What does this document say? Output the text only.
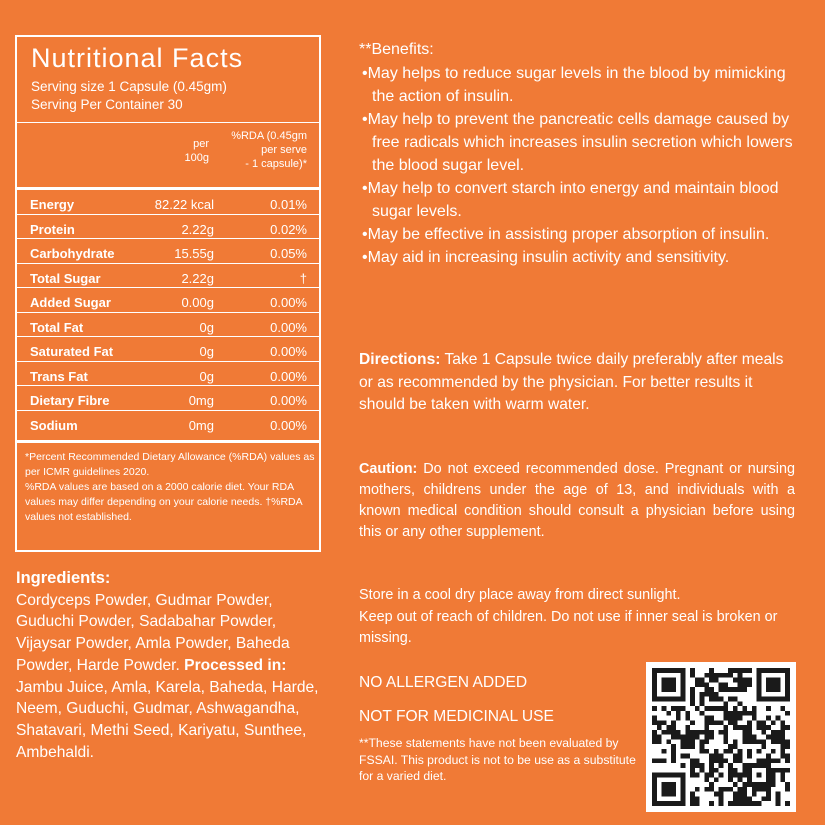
Nutritional Facts
Serving size 1 Capsule (0.45gm)
Serving Per Container 30
per
100g
%RDA (0.45gm
per serve
- 1 capsule)*
Energy	82.22 kcal	0.01%
Protein	2.22g	0.02%
Carbohydrate	15.55g	0.05%
Total Sugar	2.22g	†
Added Sugar	0.00g	0.00%
Total Fat	0g	0.00%
Saturated Fat	0g	0.00%
Trans Fat	0g	0.00%
Dietary Fibre	0mg	0.00%
Sodium	0mg	0.00%

*Percent Recommended Dietary Allowance (%RDA) values as per ICMR guidelines 2020.

%RDA values are based on a 2000 calorie diet. Your RDA values may differ depending on your calorie needs. †%RDA values not established.

Ingredients:
Cordyceps Powder, Gudmar Powder, Guduchi Powder, Sadabahar Powder, Vijaysar Powder, Amla Powder, Baheda Powder, Harde Powder. Processed in: Jambu Juice, Amla, Karela, Baheda, Harde, Neem, Guduchi, Gudmar, Ashwagandha, Shatavari, Methi Seed, Kariyatu, Sunthee, Ambehaldi.
**Benefits:
•May helps to reduce sugar levels in the blood by mimicking the action of insulin.
•May help to prevent the pancreatic cells damage caused by free radicals which increases insulin secretion which lowers the blood sugar level.
•May help to convert starch into energy and maintain blood sugar levels.
•May be effective in assisting proper absorption of insulin.
•May aid in increasing insulin activity and sensitivity.
Directions: Take 1 Capsule twice daily preferably after meals or as recommended by the physician. For better results it should be taken with warm water.
Caution: Do not exceed recommended dose. Pregnant or nursing mothers, childrens under the age of 13, and individuals with a known medical condition should consult a physician before using this or any other supplement.

Store in a cool dry place away from direct sunlight.

Keep out of reach of children. Do not use if inner seal is broken or missing.

NO ALLERGEN ADDED
NOT FOR MEDICINAL USE
**These statements have not been evaluated by FSSAI. This product is not to be use as a substitute for a varied diet.
